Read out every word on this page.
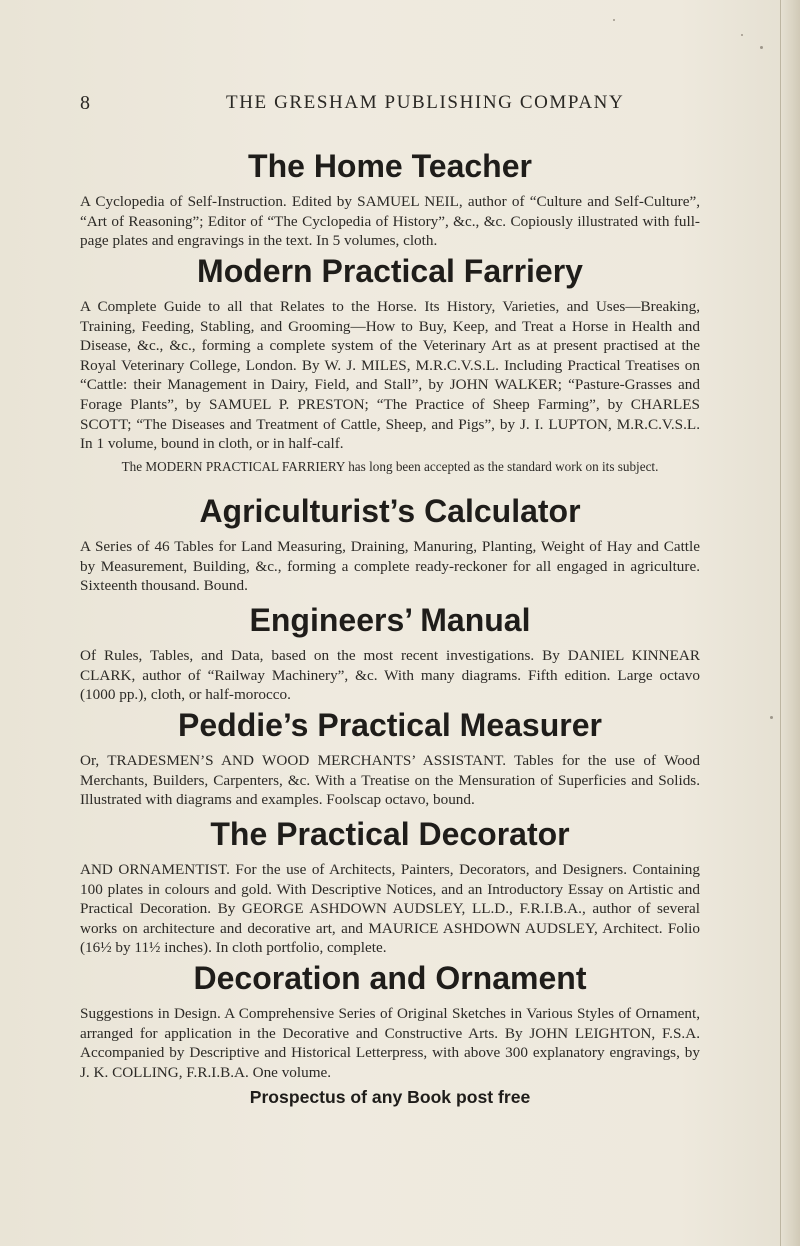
8	THE GRESHAM PUBLISHING COMPANY
The Home Teacher

A Cyclopedia of Self-Instruction. Edited by SAMUEL NEIL, author of “Culture and Self-Culture”, “Art of Reasoning”; Editor of “The Cyclopedia of History”, &c., &c. Copiously illustrated with full-page plates and engravings in the text. In 5 volumes, cloth.

Modern Practical Farriery

A Complete Guide to all that Relates to the Horse. Its History, Varieties, and Uses—Breaking, Training, Feeding, Stabling, and Grooming—How to Buy, Keep, and Treat a Horse in Health and Disease, &c., &c., forming a complete system of the Veterinary Art as at present practised at the Royal Veterinary College, London. By W. J. MILES, M.R.C.V.S.L. Including Practical Treatises on “Cattle: their Management in Dairy, Field, and Stall”, by JOHN WALKER; “Pasture-Grasses and Forage Plants”, by SAMUEL P. PRESTON; “The Practice of Sheep Farming”, by CHARLES SCOTT; “The Diseases and Treatment of Cattle, Sheep, and Pigs”, by J. I. LUPTON, M.R.C.V.S.L. In 1 volume, bound in cloth, or in half-calf.

The MODERN PRACTICAL FARRIERY has long been accepted as the standard work on its subject.

Agriculturist’s Calculator

A Series of 46 Tables for Land Measuring, Draining, Manuring, Planting, Weight of Hay and Cattle by Measurement, Building, &c., forming a complete ready-reckoner for all engaged in agriculture. Sixteenth thousand. Bound.

Engineers’ Manual

Of Rules, Tables, and Data, based on the most recent investigations. By DANIEL KINNEAR CLARK, author of “Railway Machinery”, &c. With many diagrams. Fifth edition. Large octavo (1000 pp.), cloth, or half-morocco.

Peddie’s Practical Measurer

Or, TRADESMEN’S AND WOOD MERCHANTS’ ASSISTANT. Tables for the use of Wood Merchants, Builders, Carpenters, &c. With a Treatise on the Mensuration of Superficies and Solids. Illustrated with diagrams and examples. Foolscap octavo, bound.

The Practical Decorator

AND ORNAMENTIST. For the use of Architects, Painters, Decorators, and Designers. Containing 100 plates in colours and gold. With Descriptive Notices, and an Introductory Essay on Artistic and Practical Decoration. By GEORGE ASHDOWN AUDSLEY, LL.D., F.R.I.B.A., author of several works on architecture and decorative art, and MAURICE ASHDOWN AUDSLEY, Architect. Folio (16½ by 11½ inches). In cloth portfolio, complete.

Decoration and Ornament

Suggestions in Design. A Comprehensive Series of Original Sketches in Various Styles of Ornament, arranged for application in the Decorative and Constructive Arts. By JOHN LEIGHTON, F.S.A. Accompanied by Descriptive and Historical Letterpress, with above 300 explanatory engravings, by J. K. COLLING, F.R.I.B.A. One volume.

Prospectus of any Book post free
